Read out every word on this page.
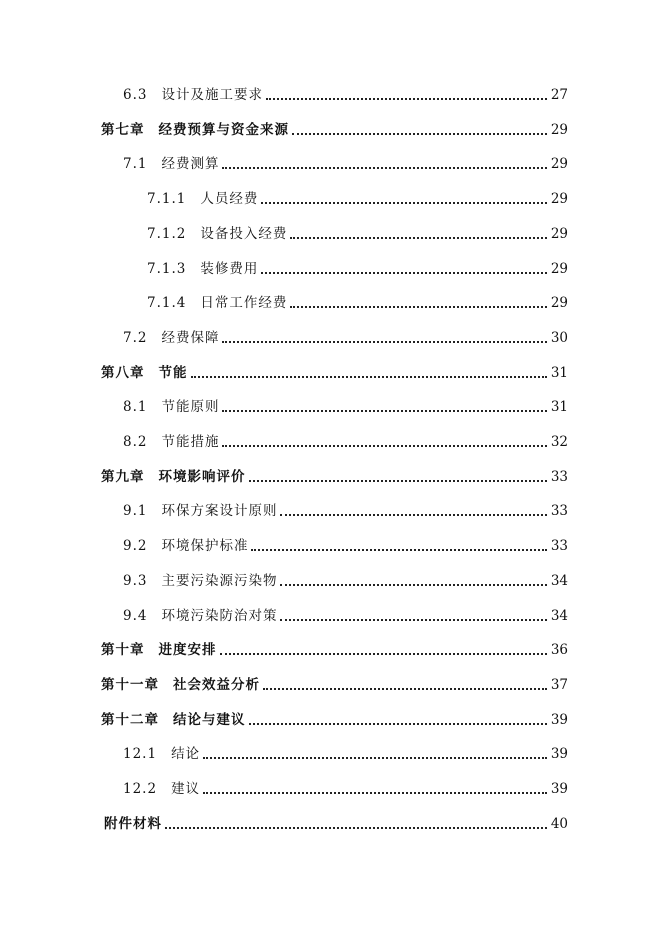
6.3 设计及施工要求	27
第七章 经费预算与资金来源	29
7.1 经费测算	29
7.1.1 人员经费	29
7.1.2 设备投入经费	29
7.1.3 装修费用	29
7.1.4 日常工作经费	29
7.2 经费保障	30
第八章 节能	31
8.1 节能原则	31
8.2 节能措施	32
第九章 环境影响评价	33
9.1 环保方案设计原则	33
9.2 环境保护标准	33
9.3 主要污染源污染物	34
9.4 环境污染防治对策	34
第十章 进度安排	36
第十一章 社会效益分析	37
第十二章 结论与建议	39
12.1 结论	39
12.2 建议	39
附件材料	40
